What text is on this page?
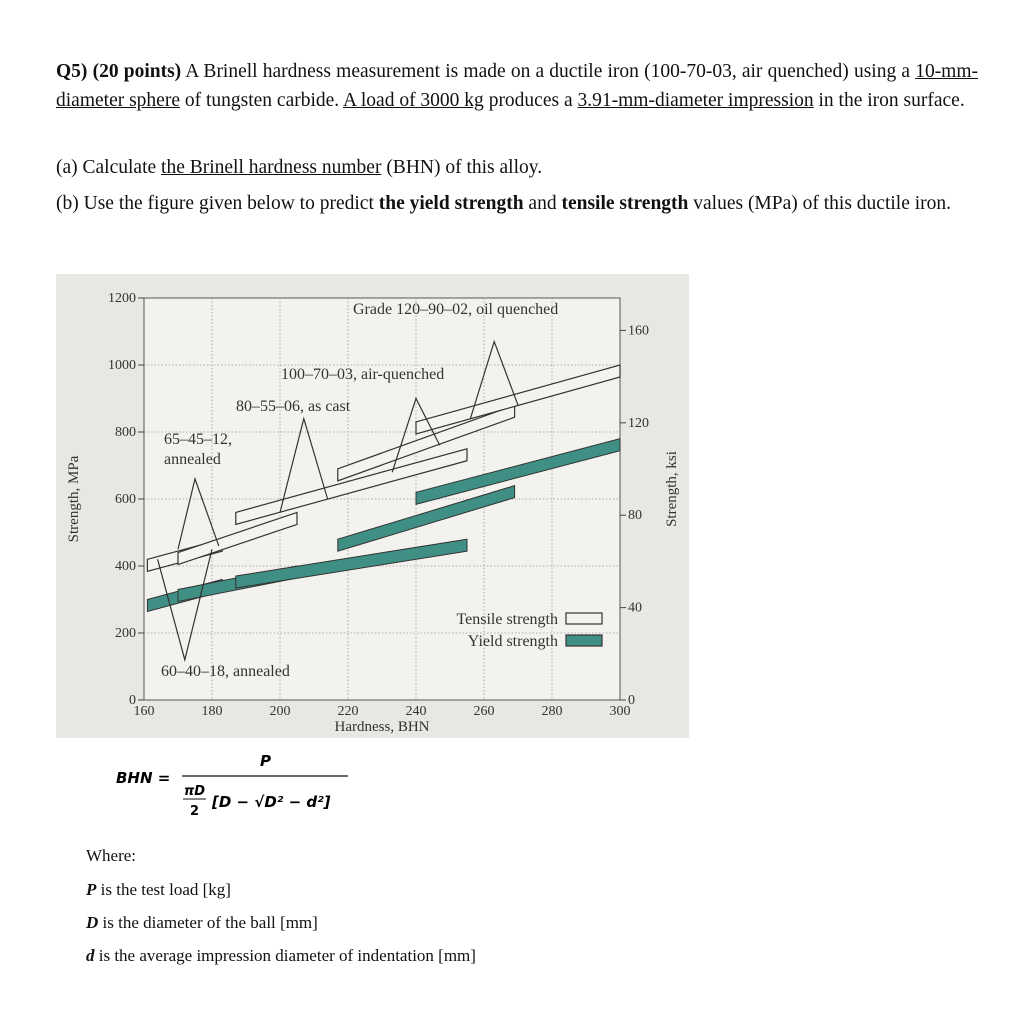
Q5) (20 points) A Brinell hardness measurement is made on a ductile iron (100-70-03, air quenched) using a 10-mm-diameter sphere of tungsten carbide. A load of 3000 kg produces a 3.91-mm-diameter impression in the iron surface.
(a) Calculate the Brinell hardness number (BHN) of this alloy.
(b) Use the figure given below to predict the yield strength and tensile strength values (MPa) of this ductile iron.
0
200
400
600
800
1000
1200
160	180	200	220	240	260	280	300
0
40
80
120
160
Hardness, BHN
Strength, MPa	Strength, ksi
60–40–18, annealed
65–45–12,
annealed
80–55–06, as cast
100–70–03, air-quenched
Grade 120–90–02, oil quenched
Tensile strength
Yield strength
BHN =
P
πD
2
[D − √D² − d²]
Where:
P is the test load [kg]
D is the diameter of the ball [mm]
d is the average impression diameter of indentation [mm]
